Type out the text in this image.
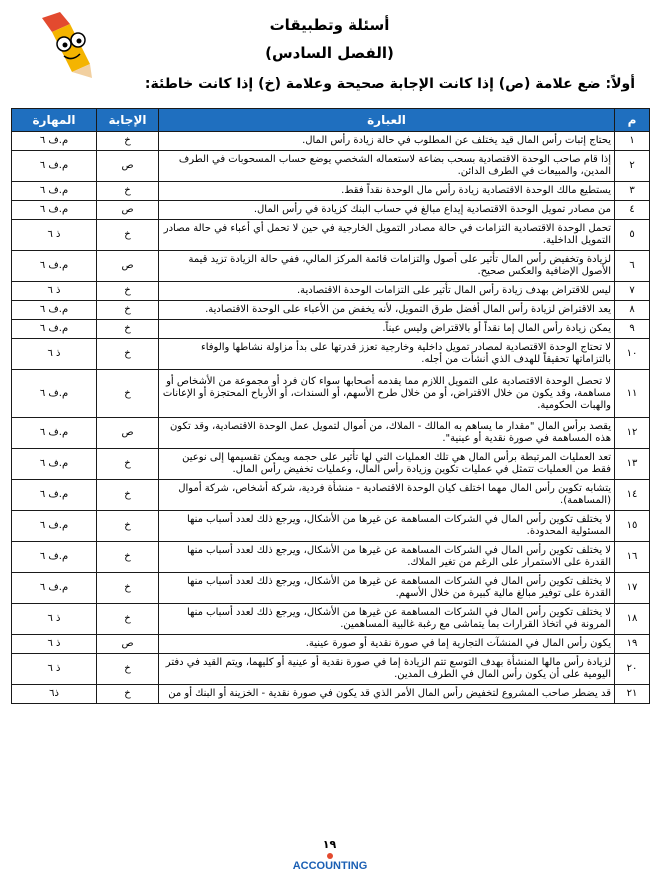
أسئلة وتطبيقات
(الفصل السادس)
أولاً: ضع علامة (ص) إذا كانت الإجابة صحيحة وعلامة (خ) إذا كانت خاطئة:
م	العبارة	الإجابة	المهارة
١	يحتاج إثبات رأس المال قيد يختلف عن المطلوب في حالة زيادة رأس المال.	خ	م.ف ٦
٢	إذا قام صاحب الوحدة الاقتصادية بسحب بضاعة لاستعماله الشخصي يوضع حساب المسحوبات في الطرف المدين، والمبيعات في الطرف الدائن.	ص	م.ف ٦
٣	يستطيع مالك الوحدة الاقتصادية زيادة رأس مال الوحدة نقداً فقط.	خ	م.ف ٦
٤	من مصادر تمويل الوحدة الاقتصادية إيداع مبالغ في حساب البنك كزيادة في رأس المال.	ص	م.ف ٦
٥	تحمل الوحدة الاقتصادية التزامات في حالة مصادر التمويل الخارجية في حين لا تحمل أي أعباء في حالة مصادر التمويل الداخلية.	خ	ذ ٦
٦	لزيادة وتخفيض رأس المال تأثير على أصول والتزامات قائمة المركز المالي، ففي حالة الزيادة تزيد قيمة الأصول الإضافية والعكس صحيح.	ص	م.ف ٦
٧	ليس للاقتراض بهدف زيادة رأس المال تأثير على التزامات الوحدة الاقتصادية.	خ	ذ ٦
٨	يعد الاقتراض لزيادة رأس المال أفضل طرق التمويل، لأنه يخفض من الأعباء على الوحدة الاقتصادية.	خ	م.ف ٦
٩	يمكن زيادة رأس المال إما نقداً أو بالاقتراض وليس عيناً.	خ	م.ف ٦
١٠	لا تحتاج الوحدة الاقتصادية لمصادر تمويل داخلية وخارجية تعزز قدرتها على بدأ مزاولة نشاطها والوفاء بالتزاماتها تحقيقاً للهدف الذي أنشأت من أجله.	خ	ذ ٦
١١	لا تحصل الوحدة الاقتصادية على التمويل اللازم مما يقدمه أصحابها سواء كان فرد أو مجموعة من الأشخاص أو مساهمة، وقد يكون من خلال الاقتراض، أو من خلال طرح الأسهم، أو السندات، أو الأرباح المحتجزة أو الإعانات والهبات الحكومية.	خ	م.ف ٦
١٢	يقصد برأس المال "مقدار ما يساهم به المالك - الملاك، من أموال لتمويل عمل الوحدة الاقتصادية، وقد تكون هذه المساهمة في صورة نقدية أو عينية".	ص	م.ف ٦
١٣	تعد العمليات المرتبطة برأس المال هي تلك العمليات التي لها تأثير على حجمه ويمكن تقسيمها إلى نوعين فقط من العمليات تتمثل في عمليات تكوين وزيادة رأس المال، وعمليات تخفيض رأس المال.	خ	م.ف ٦
١٤	يتشابه تكوين رأس المال مهما اختلف كيان الوحدة الاقتصادية - منشأة فردية، شركة أشخاص، شركة أموال (المساهمة).	خ	م.ف ٦
١٥	لا يختلف تكوين رأس المال في الشركات المساهمة عن غيرها من الأشكال، ويرجع ذلك لعدد أسباب منها المسئولية المحدودة.	خ	م.ف ٦
١٦	لا يختلف تكوين رأس المال في الشركات المساهمة عن غيرها من الأشكال، ويرجع ذلك لعدد أسباب منها القدرة على الاستمرار على الرغم من تغير الملاك.	خ	م.ف ٦
١٧	لا يختلف تكوين رأس المال في الشركات المساهمة عن غيرها من الأشكال، ويرجع ذلك لعدد أسباب منها القدرة على توفير مبالغ مالية كبيرة من خلال الأسهم.	خ	م.ف ٦
١٨	لا يختلف تكوين رأس المال في الشركات المساهمة عن غيرها من الأشكال، ويرجع ذلك لعدد أسباب منها المرونة في اتخاذ القرارات بما يتماشى مع رغبة غالبية المساهمين.	خ	ذ ٦
١٩	يكون رأس المال في المنشآت التجارية إما في صورة نقدية أو صورة عينية.	ص	ذ ٦
٢٠	لزيادة رأس مالها المنشأة بهدف التوسع تتم الزيادة إما في صورة نقدية أو عينية أو كليهما، ويتم القيد في دفتر اليومية على أن يكون رأس المال في الطرف المدين.	خ	ذ ٦
٢١	قد يضطر صاحب المشروع لتخفيض رأس المال الأمر الذي قد يكون في صورة نقدية - الخزينة أو البنك أو من	خ	ذ٦
١٩
ACCOUNTING
